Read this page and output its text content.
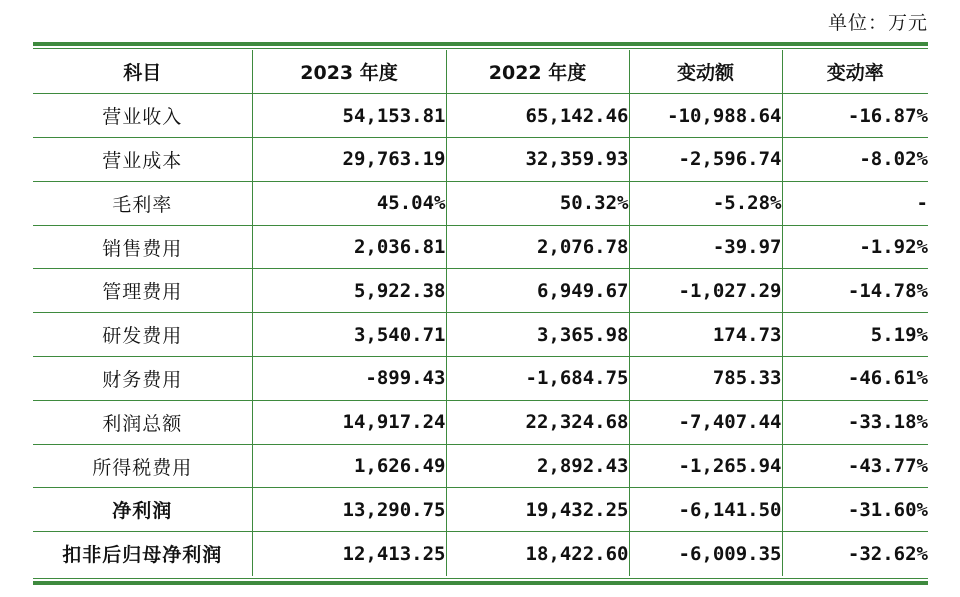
单位：万元
科目	2023 年度	2022 年度	变动额	变动率
营业收入	54,153.81	65,142.46	-10,988.64	-16.87%
营业成本	29,763.19	32,359.93	-2,596.74	-8.02%
毛利率	45.04%	50.32%	-5.28%	-
销售费用	2,036.81	2,076.78	-39.97	-1.92%
管理费用	5,922.38	6,949.67	-1,027.29	-14.78%
研发费用	3,540.71	3,365.98	174.73	5.19%
财务费用	-899.43	-1,684.75	785.33	-46.61%
利润总额	14,917.24	22,324.68	-7,407.44	-33.18%
所得税费用	1,626.49	2,892.43	-1,265.94	-43.77%
净利润	13,290.75	19,432.25	-6,141.50	-31.60%
扣非后归母净利润	12,413.25	18,422.60	-6,009.35	-32.62%
